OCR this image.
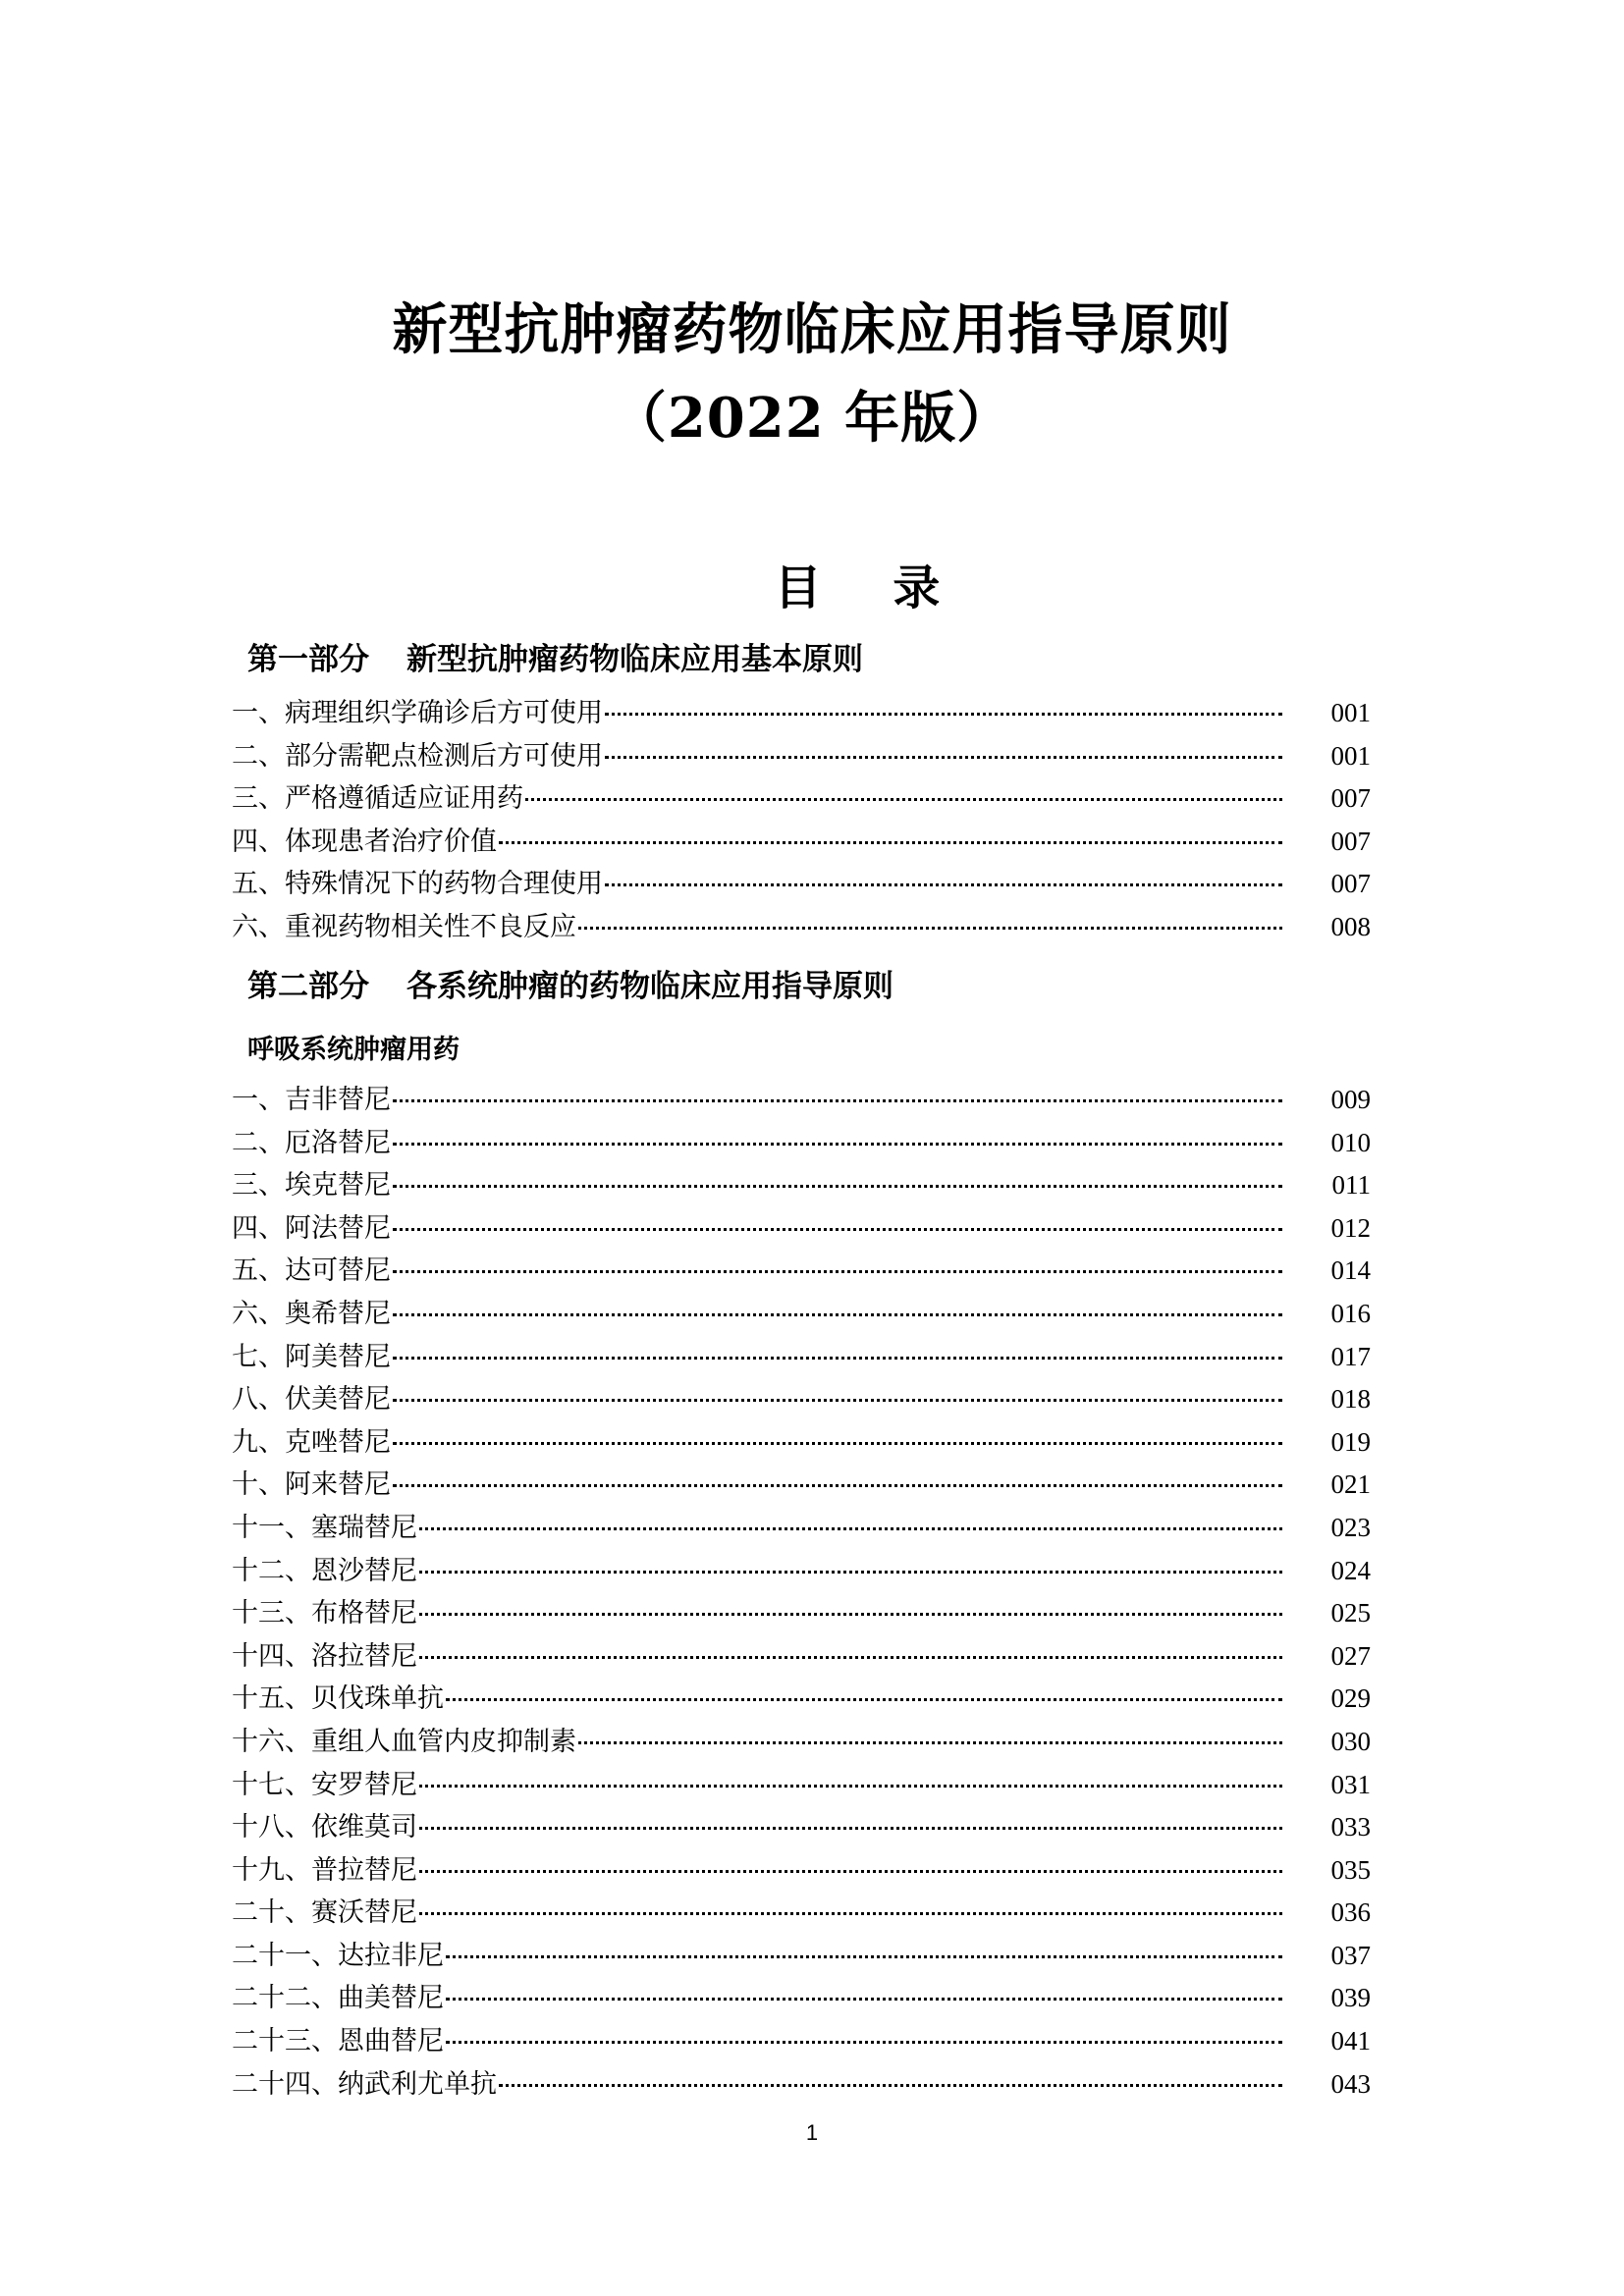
新型抗肿瘤药物临床应用指导原则
（2022 年版）
目 录
第一部分 新型抗肿瘤药物临床应用基本原则
一、病理组织学确诊后方可使用	001
二、部分需靶点检测后方可使用	001
三、严格遵循适应证用药	007
四、体现患者治疗价值	007
五、特殊情况下的药物合理使用	007
六、重视药物相关性不良反应	008
第二部分 各系统肿瘤的药物临床应用指导原则
呼吸系统肿瘤用药
一、吉非替尼	009
二、厄洛替尼	010
三、埃克替尼	011
四、阿法替尼	012
五、达可替尼	014
六、奥希替尼	016
七、阿美替尼	017
八、伏美替尼	018
九、克唑替尼	019
十、阿来替尼	021
十一、塞瑞替尼	023
十二、恩沙替尼	024
十三、布格替尼	025
十四、洛拉替尼	027
十五、贝伐珠单抗	029
十六、重组人血管内皮抑制素	030
十七、安罗替尼	031
十八、依维莫司	033
十九、普拉替尼	035
二十、赛沃替尼	036
二十一、达拉非尼	037
二十二、曲美替尼	039
二十三、恩曲替尼	041
二十四、纳武利尤单抗	043
1
